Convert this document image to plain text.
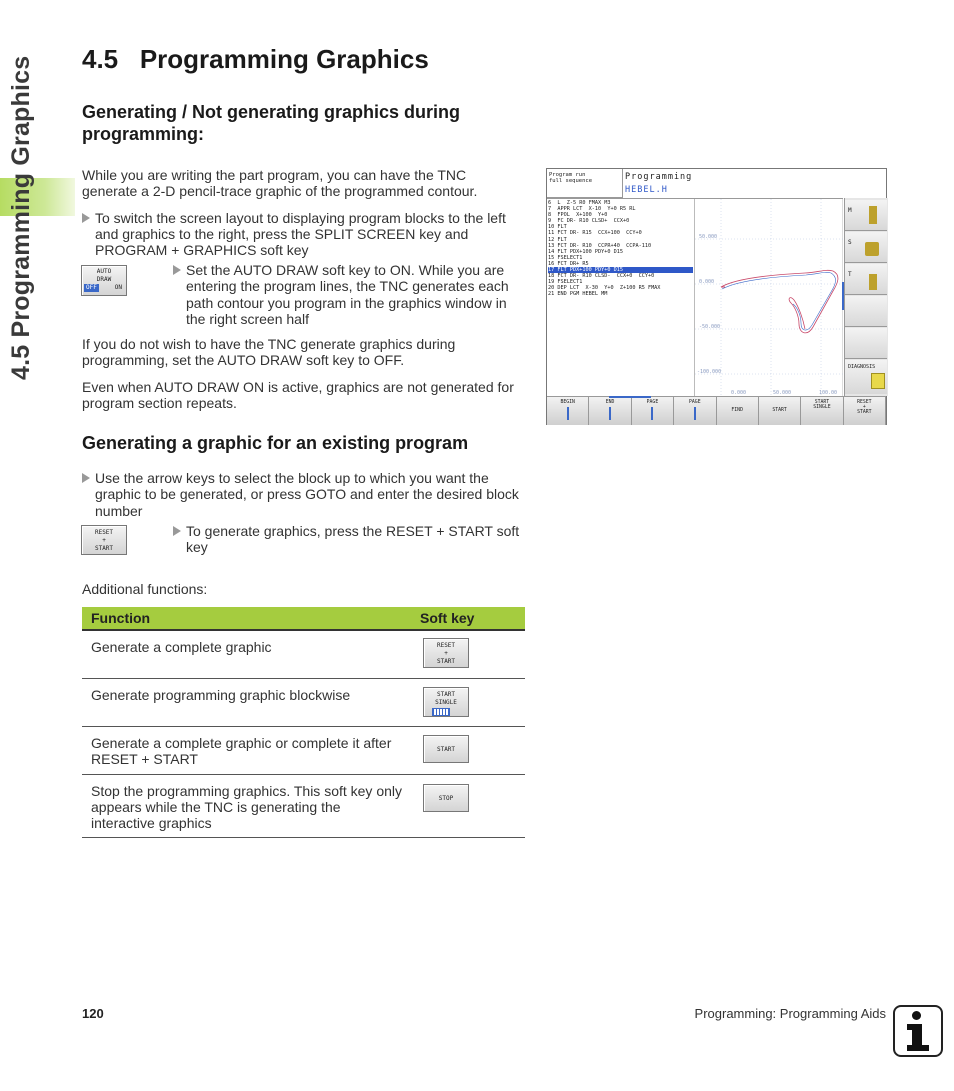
4.5 Programming Graphics 4.5   Programming Graphics

Generating / Not generating graphics during programming:

While you are writing the part program, you can have the TNC generate a 2-D pencil-trace graphic of the programmed contour.

To switch the screen layout to displaying program blocks to the left and graphics to the right, press the SPLIT SCREEN key and PROGRAM + GRAPHICS soft key

AUTO
DRAW
OFF	ON

Set the AUTO DRAW soft key to ON. While you are entering the program lines, the TNC generates each path contour you program in the graphics window in the right screen half

If you do not wish to have the TNC generate graphics during programming, set the AUTO DRAW soft key to OFF.

Even when AUTO DRAW ON is active, graphics are not generated for program section repeats.

Generating a graphic for an existing program

Use the arrow keys to select the block up to which you want the graphic to be generated, or press GOTO and enter the desired block number

RESET
+
START

To generate graphics, press the RESET + START soft key

Additional functions:

Function	Soft key
Generate a complete graphic	RESET
+
START

Generate programming graphic blockwise	START
SINGLE

Generate a complete graphic or complete it after RESET + START	START

Stop the programming graphics. This soft key only appears while the TNC is generating the interactive graphics	STOP
Program run
full sequence	Programming
HEBEL.H
6  L  Z-5 R0 FMAX M3
7  APPR LCT  X-10  Y+0 R5 RL
8  FPOL  X+100  Y+0
9  FC DR- R10 CLSD+  CCX+0
10 FLT
11 FCT DR- R15  CCX+100  CCY+0
12 FLT
13 FCT DR- R10  CCPR+40  CCPA-110
14 FLT PDX+100 PDY+0 D15
15 FSELECT1
16 FCT DR+ R5
17 FLT PDX+100 PDY+0 D15
18 FCT DR- R10 CLSD-  CCX+0  CCY+0
19 FSELECT1
20 DEP LCT  X-30  Y+0  Z+100 R5 FMAX
21 END PGM HEBEL MM
50.000
0.000
-50.000
-100.000
0.000	50.000	100.00
M
S
T
DIAGNOSIS
BEGIN	END	PAGE	PAGE
FIND	START
START
SINGLE
RESET
+
START
120	Programming: Programming Aids
